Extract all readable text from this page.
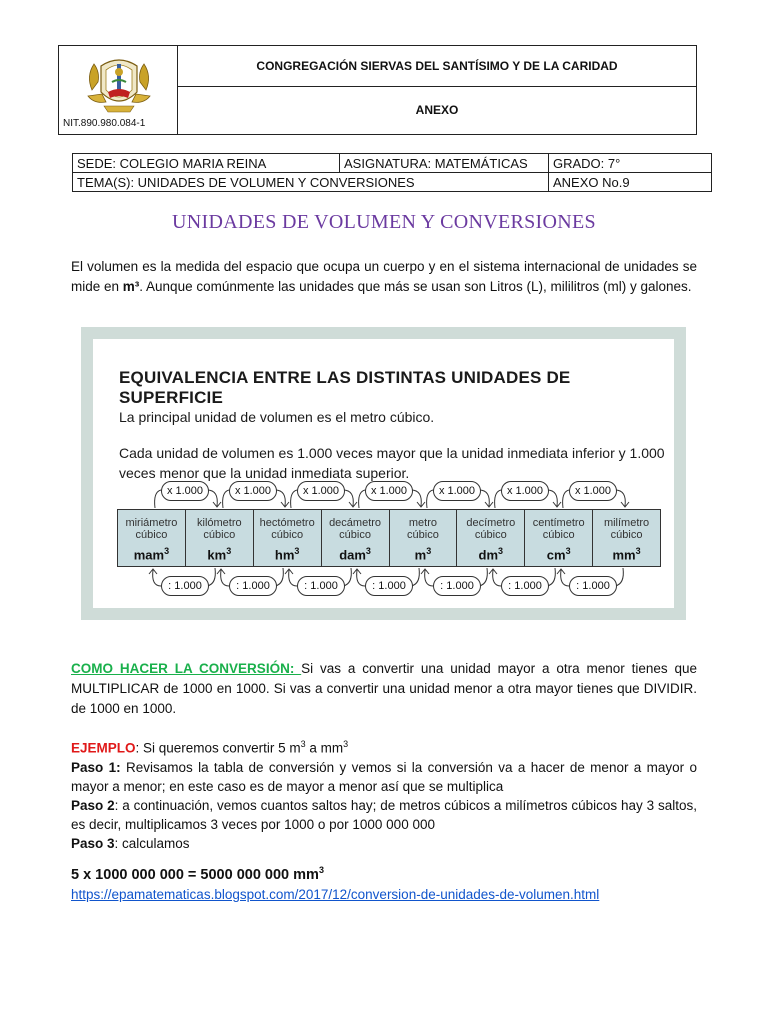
NIT.890.980.084-1
CONGREGACIÓN SIERVAS DEL SANTÍSIMO Y DE LA CARIDAD
ANEXO
SEDE: COLEGIO MARIA REINA	ASIGNATURA: MATEMÁTICAS	GRADO: 7°
TEMA(S): UNIDADES DE VOLUMEN Y CONVERSIONES		ANEXO No.9
UNIDADES DE VOLUMEN Y CONVERSIONES
El volumen es la medida del espacio que ocupa un cuerpo y en el sistema internacional de unidades se mide en m³. Aunque comúnmente las unidades que más se usan son Litros (L), mililitros (ml) y galones.
EQUIVALENCIA ENTRE LAS DISTINTAS UNIDADES DE SUPERFICIE
La principal unidad de volumen es el metro cúbico.
Cada unidad de volumen es 1.000 veces mayor que la unidad inmediata inferior y 1.000 veces menor que la unidad inmediata superior.
x 1.000	x 1.000	x 1.000	x 1.000	x 1.000	x 1.000	x 1.000
miriámetro
cúbico
mam$^3$
kilómetro
cúbico
$km^3$
hectómetro
cúbico
$hm^3$
decámetro
cúbico
dam$^3$
metro
cúbico
$m^3$
decímetro
cúbico
$dm^3$
centímetro
cúbico
$cm^3$
milímetro
cúbico
$mm^3$
: 1.000	: 1.000	: 1.000	: 1.000	: 1.000	: 1.000	: 1.000
COMO HACER LA CONVERSIÓN: Si vas a convertir una unidad mayor a otra menor tienes que MULTIPLICAR de 1000 en 1000. Si vas a convertir una unidad menor a otra mayor tienes que DIVIDIR. de 1000 en 1000.
EJEMPLO: Si queremos convertir 5 $m^3$ a $mm^3$
Paso 1: Revisamos la tabla de conversión y vemos si la conversión va a hacer de menor a mayor o mayor a menor; en este caso es de mayor a menor así que se multiplica
Paso 2: a continuación, vemos cuantos saltos hay; de metros cúbicos a milímetros cúbicos hay 3 saltos, es decir, multiplicamos 3 veces por 1000 o por 1000 000 000
Paso 3: calculamos
5 x 1000 000 000 = 5000 000 000 $mm^3$
https://epamatematicas.blogspot.com/2017/12/conversion-de-unidades-de-volumen.html
